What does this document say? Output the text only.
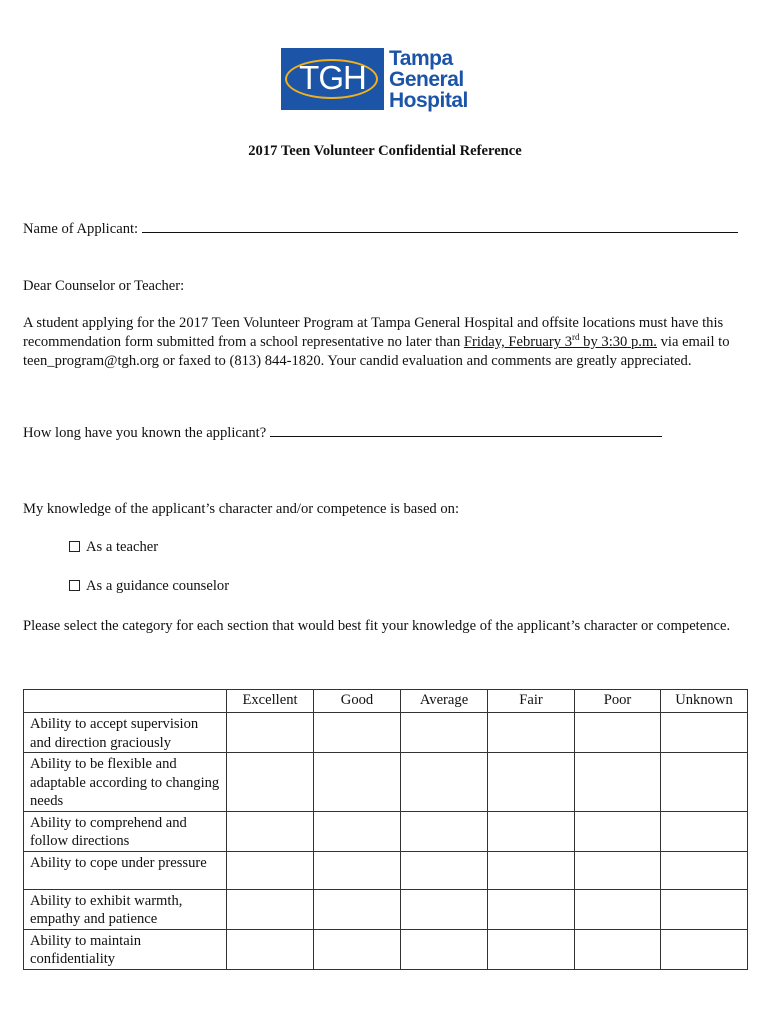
TGH
Tampa
General
Hospital
2017 Teen Volunteer Confidential Reference
Name of Applicant:
Dear Counselor or Teacher:
A student applying for the 2017 Teen Volunteer Program at Tampa General Hospital and offsite locations must have this recommendation form submitted from a school representative no later than Friday, February 3rd by 3:30 p.m. via email to teen_program@tgh.org or faxed to (813) 844-1820. Your candid evaluation and comments are greatly appreciated.
How long have you known the applicant?
My knowledge of the applicant’s character and/or competence is based on:
As a teacher
As a guidance counselor
Please select the category for each section that would best fit your knowledge of the applicant’s character or competence.
	Excellent	Good	Average	Fair	Poor	Unknown
Ability to accept supervision and direction graciously						
Ability to be flexible and adaptable according to changing needs						
Ability to comprehend and follow directions						
Ability to cope under pressure						
Ability to exhibit warmth, empathy and patience						
Ability to maintain confidentiality						
